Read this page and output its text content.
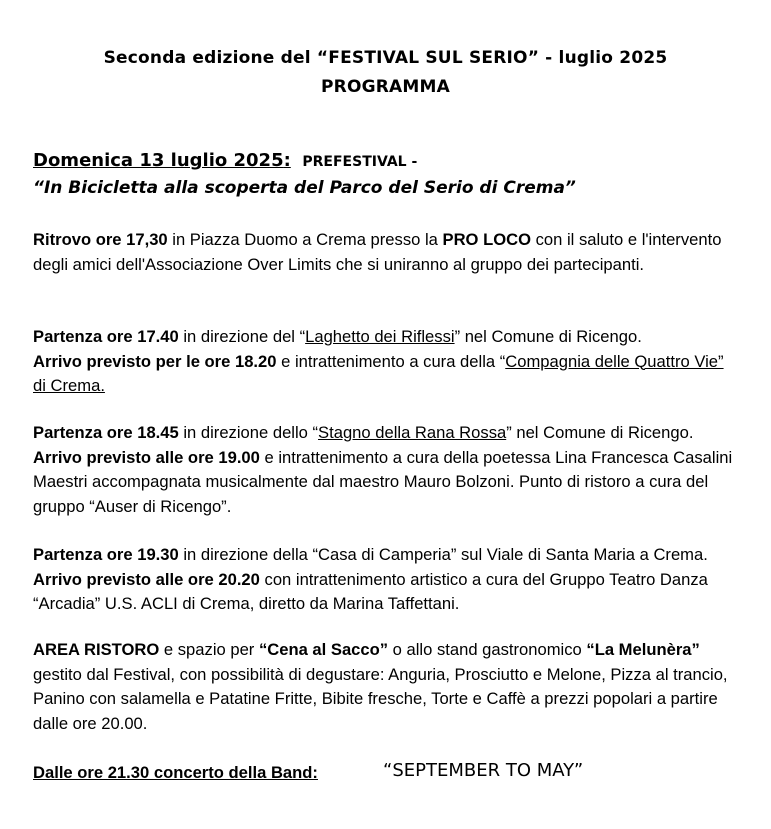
Seconda edizione del “FESTIVAL SUL SERIO” - luglio 2025
PROGRAMMA
Domenica 13 luglio 2025: PREFESTIVAL -
“In Bicicletta alla scoperta del Parco del Serio di Crema”
Ritrovo ore 17,30 in Piazza Duomo a Crema presso la PRO LOCO con il saluto e l'intervento degli amici dell'Associazione Over Limits che si uniranno al gruppo dei partecipanti.
Partenza ore 17.40 in direzione del “Laghetto dei Riflessi” nel Comune di Ricengo.
Arrivo previsto per le ore 18.20 e intrattenimento a cura della “Compagnia delle Quattro Vie” di Crema.
Partenza ore 18.45 in direzione dello “Stagno della Rana Rossa” nel Comune di Ricengo. Arrivo previsto alle ore 19.00 e intrattenimento a cura della poetessa Lina Francesca Casalini Maestri accompagnata musicalmente dal maestro Mauro Bolzoni. Punto di ristoro a cura del gruppo “Auser di Ricengo”.
Partenza ore 19.30 in direzione della “Casa di Camperia” sul Viale di Santa Maria a Crema. Arrivo previsto alle ore 20.20 con intrattenimento artistico a cura del Gruppo Teatro Danza “Arcadia” U.S. ACLI di Crema, diretto da Marina Taffettani.
AREA RISTORO e spazio per “Cena al Sacco” o allo stand gastronomico “La Melunèra” gestito dal Festival, con possibilità di degustare: Anguria, Prosciutto e Melone, Pizza al trancio, Panino con salamella e Patatine Fritte, Bibite fresche, Torte e Caffè a prezzi popolari a partire dalle ore 20.00.
Dalle ore 21.30 concerto della Band:	“SEPTEMBER TO MAY”
